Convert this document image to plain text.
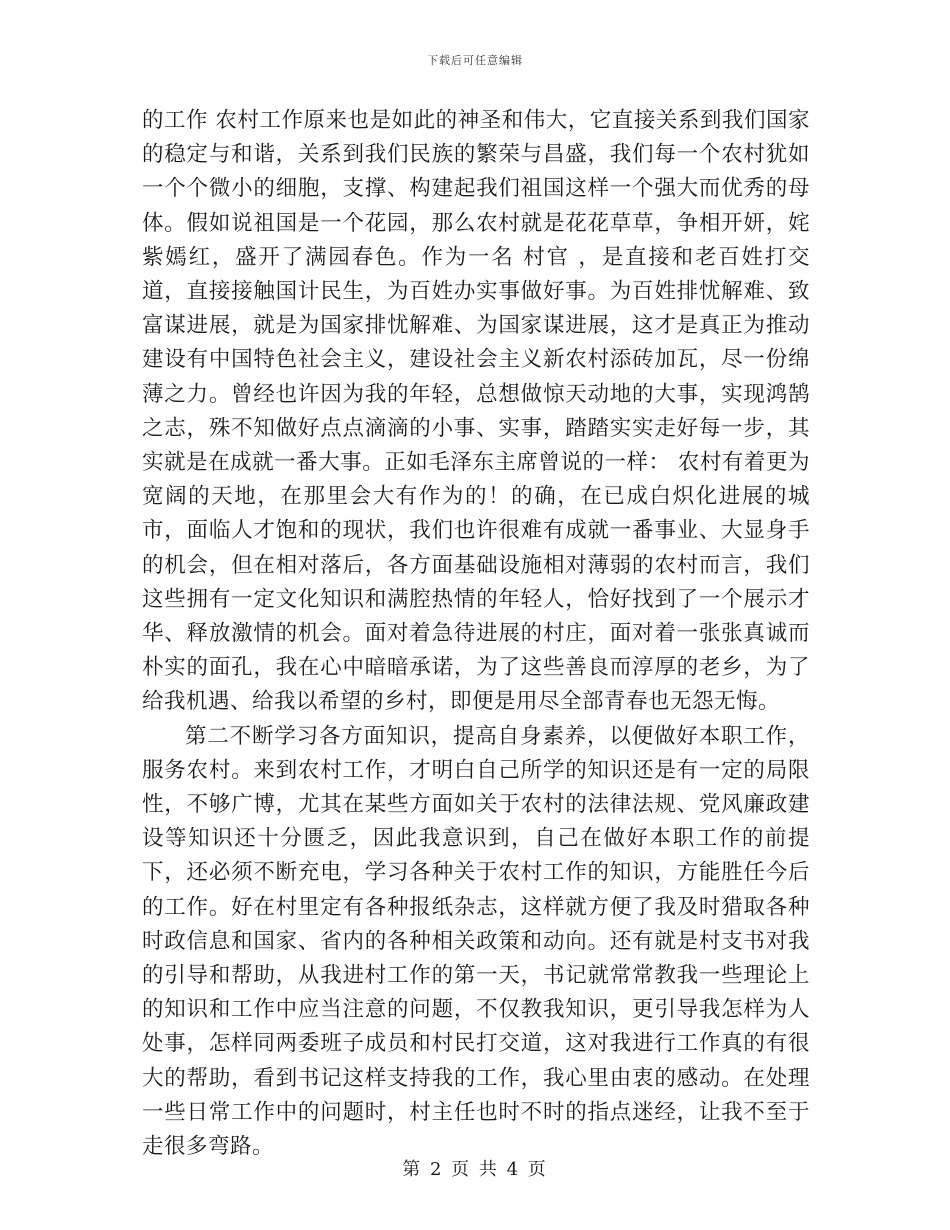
下载后可任意编辑

的工作 农村工作原来也是如此的神圣和伟大，它直接关系到我们国家的稳定与和谐，关系到我们民族的繁荣与昌盛，我们每一个农村犹如一个个微小的细胞，支撑、构建起我们祖国这样一个强大而优秀的母体。假如说祖国是一个花园，那么农村就是花花草草，争相开妍，姹紫嫣红，盛开了满园春色。作为一名 村官 ，是直接和老百姓打交道，直接接触国计民生，为百姓办实事做好事。为百姓排忧解难、致富谋进展，就是为国家排忧解难、为国家谋进展，这才是真正为推动建设有中国特色社会主义，建设社会主义新农村添砖加瓦，尽一份绵薄之力。曾经也许因为我的年轻，总想做惊天动地的大事，实现鸿鹄之志，殊不知做好点点滴滴的小事、实事，踏踏实实走好每一步，其实就是在成就一番大事。正如毛泽东主席曾说的一样： 农村有着更为宽阔的天地，在那里会大有作为的！的确，在已成白炽化进展的城市，面临人才饱和的现状，我们也许很难有成就一番事业、大显身手的机会，但在相对落后，各方面基础设施相对薄弱的农村而言，我们这些拥有一定文化知识和满腔热情的年轻人，恰好找到了一个展示才华、释放激情的机会。面对着急待进展的村庄，面对着一张张真诚而朴实的面孔，我在心中暗暗承诺，为了这些善良而淳厚的老乡，为了给我机遇、给我以希望的乡村，即便是用尽全部青春也无怨无悔。

第二不断学习各方面知识，提高自身素养，以便做好本职工作，服务农村。来到农村工作，才明白自己所学的知识还是有一定的局限性，不够广博，尤其在某些方面如关于农村的法律法规、党风廉政建设等知识还十分匮乏，因此我意识到，自己在做好本职工作的前提下，还必须不断充电，学习各种关于农村工作的知识，方能胜任今后的工作。好在村里定有各种报纸杂志，这样就方便了我及时猎取各种时政信息和国家、省内的各种相关政策和动向。还有就是村支书对我的引导和帮助，从我进村工作的第一天，书记就常常教我一些理论上的知识和工作中应当注意的问题，不仅教我知识，更引导我怎样为人处事，怎样同两委班子成员和村民打交道，这对我进行工作真的有很大的帮助，看到书记这样支持我的工作，我心里由衷的感动。在处理一些日常工作中的问题时，村主任也时不时的指点迷经，让我不至于走很多弯路。

第 2 页 共 4 页
